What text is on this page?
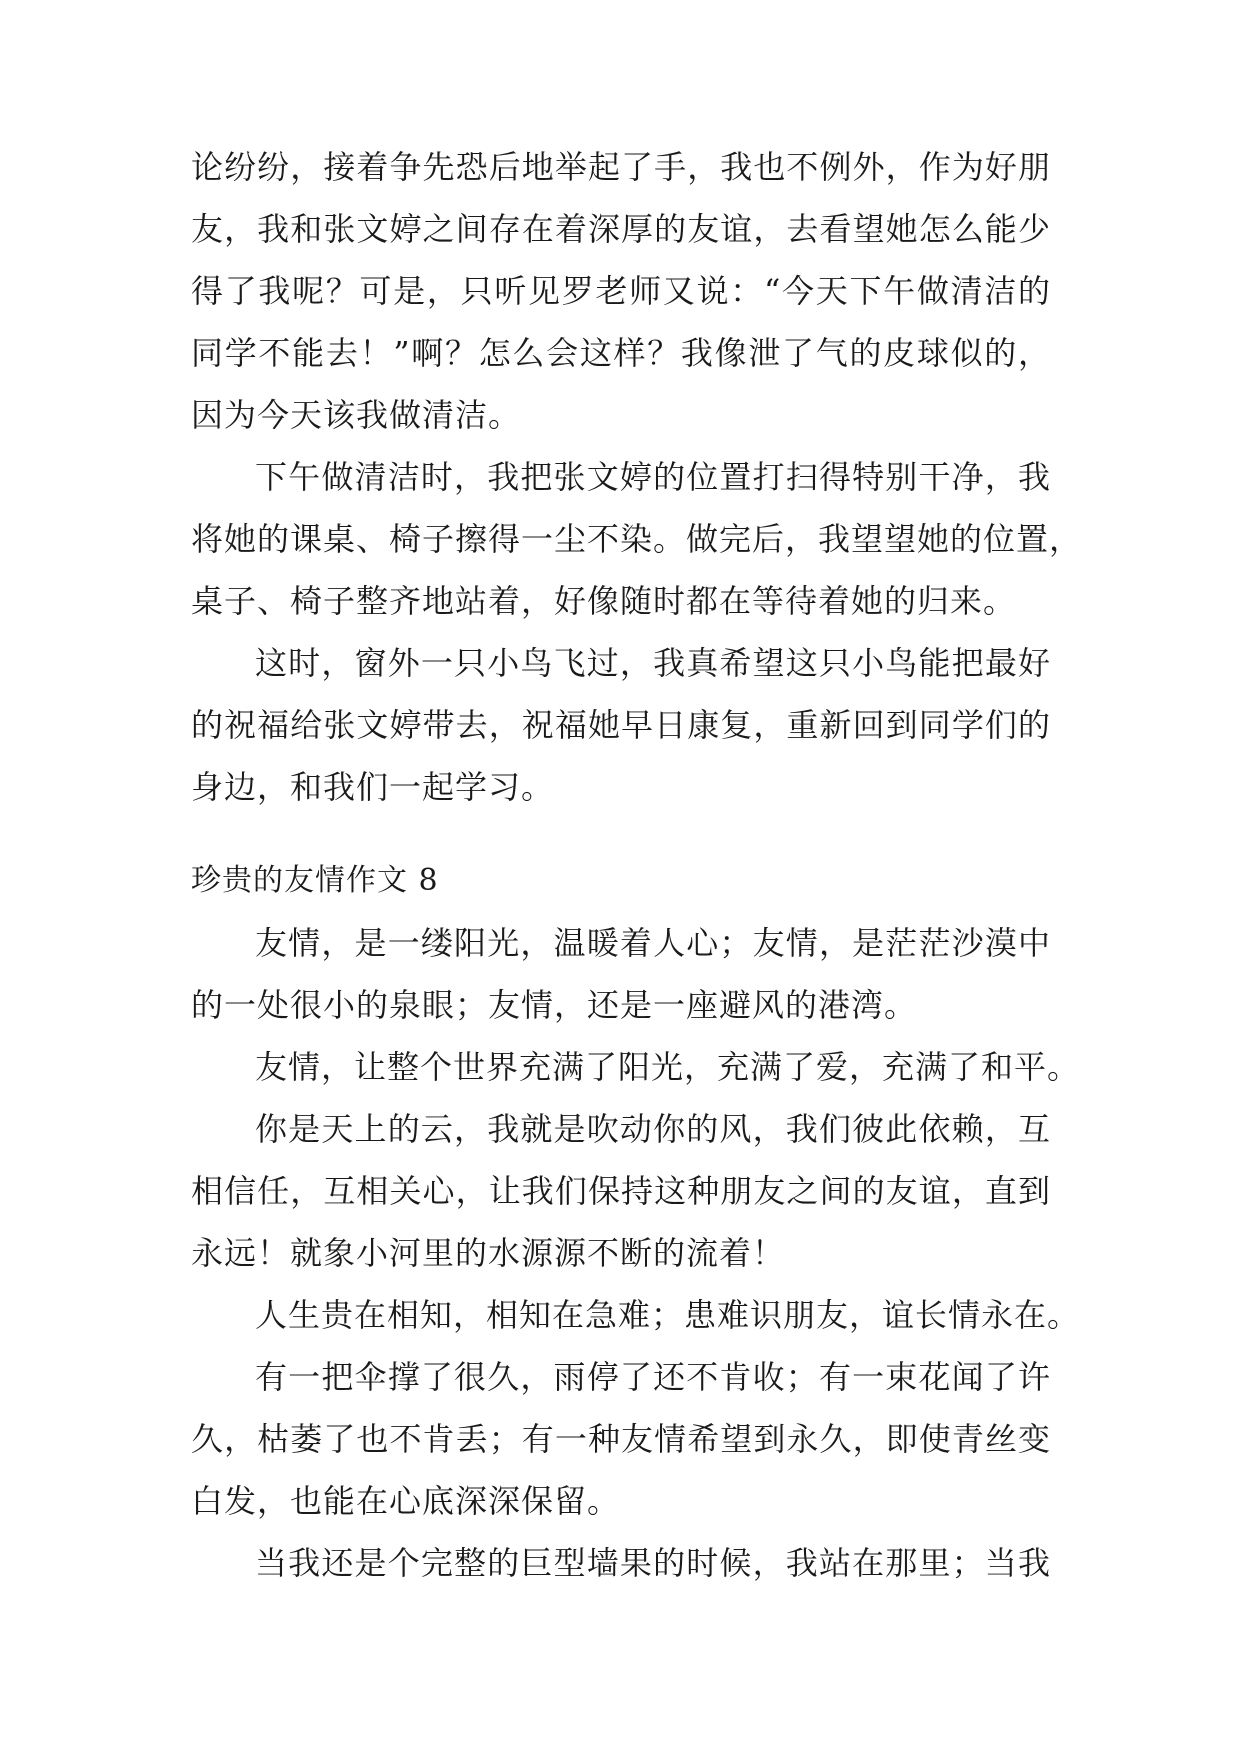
论纷纷，接着争先恐后地举起了手，我也不例外，作为好朋
友，我和张文婷之间存在着深厚的友谊，去看望她怎么能少
得了我呢？可是，只听见罗老师又说：“今天下午做清洁的
同学不能去！”啊？怎么会这样？我像泄了气的皮球似的，
因为今天该我做清洁。
下午做清洁时，我把张文婷的位置打扫得特别干净，我
将她的课桌、椅子擦得一尘不染。做完后，我望望她的位置，
桌子、椅子整齐地站着，好像随时都在等待着她的归来。
这时，窗外一只小鸟飞过，我真希望这只小鸟能把最好
的祝福给张文婷带去，祝福她早日康复，重新回到同学们的
身边，和我们一起学习。
珍贵的友情作文 8
友情，是一缕阳光，温暖着人心；友情，是茫茫沙漠中
的一处很小的泉眼；友情，还是一座避风的港湾。
友情，让整个世界充满了阳光，充满了爱，充满了和平。
你是天上的云，我就是吹动你的风，我们彼此依赖，互
相信任，互相关心，让我们保持这种朋友之间的友谊，直到
永远！就象小河里的水源源不断的流着！
人生贵在相知，相知在急难；患难识朋友，谊长情永在。
有一把伞撑了很久，雨停了还不肯收；有一束花闻了许
久，枯萎了也不肯丢；有一种友情希望到永久，即使青丝变
白发，也能在心底深深保留。
当我还是个完整的巨型墙果的时候，我站在那里；当我
